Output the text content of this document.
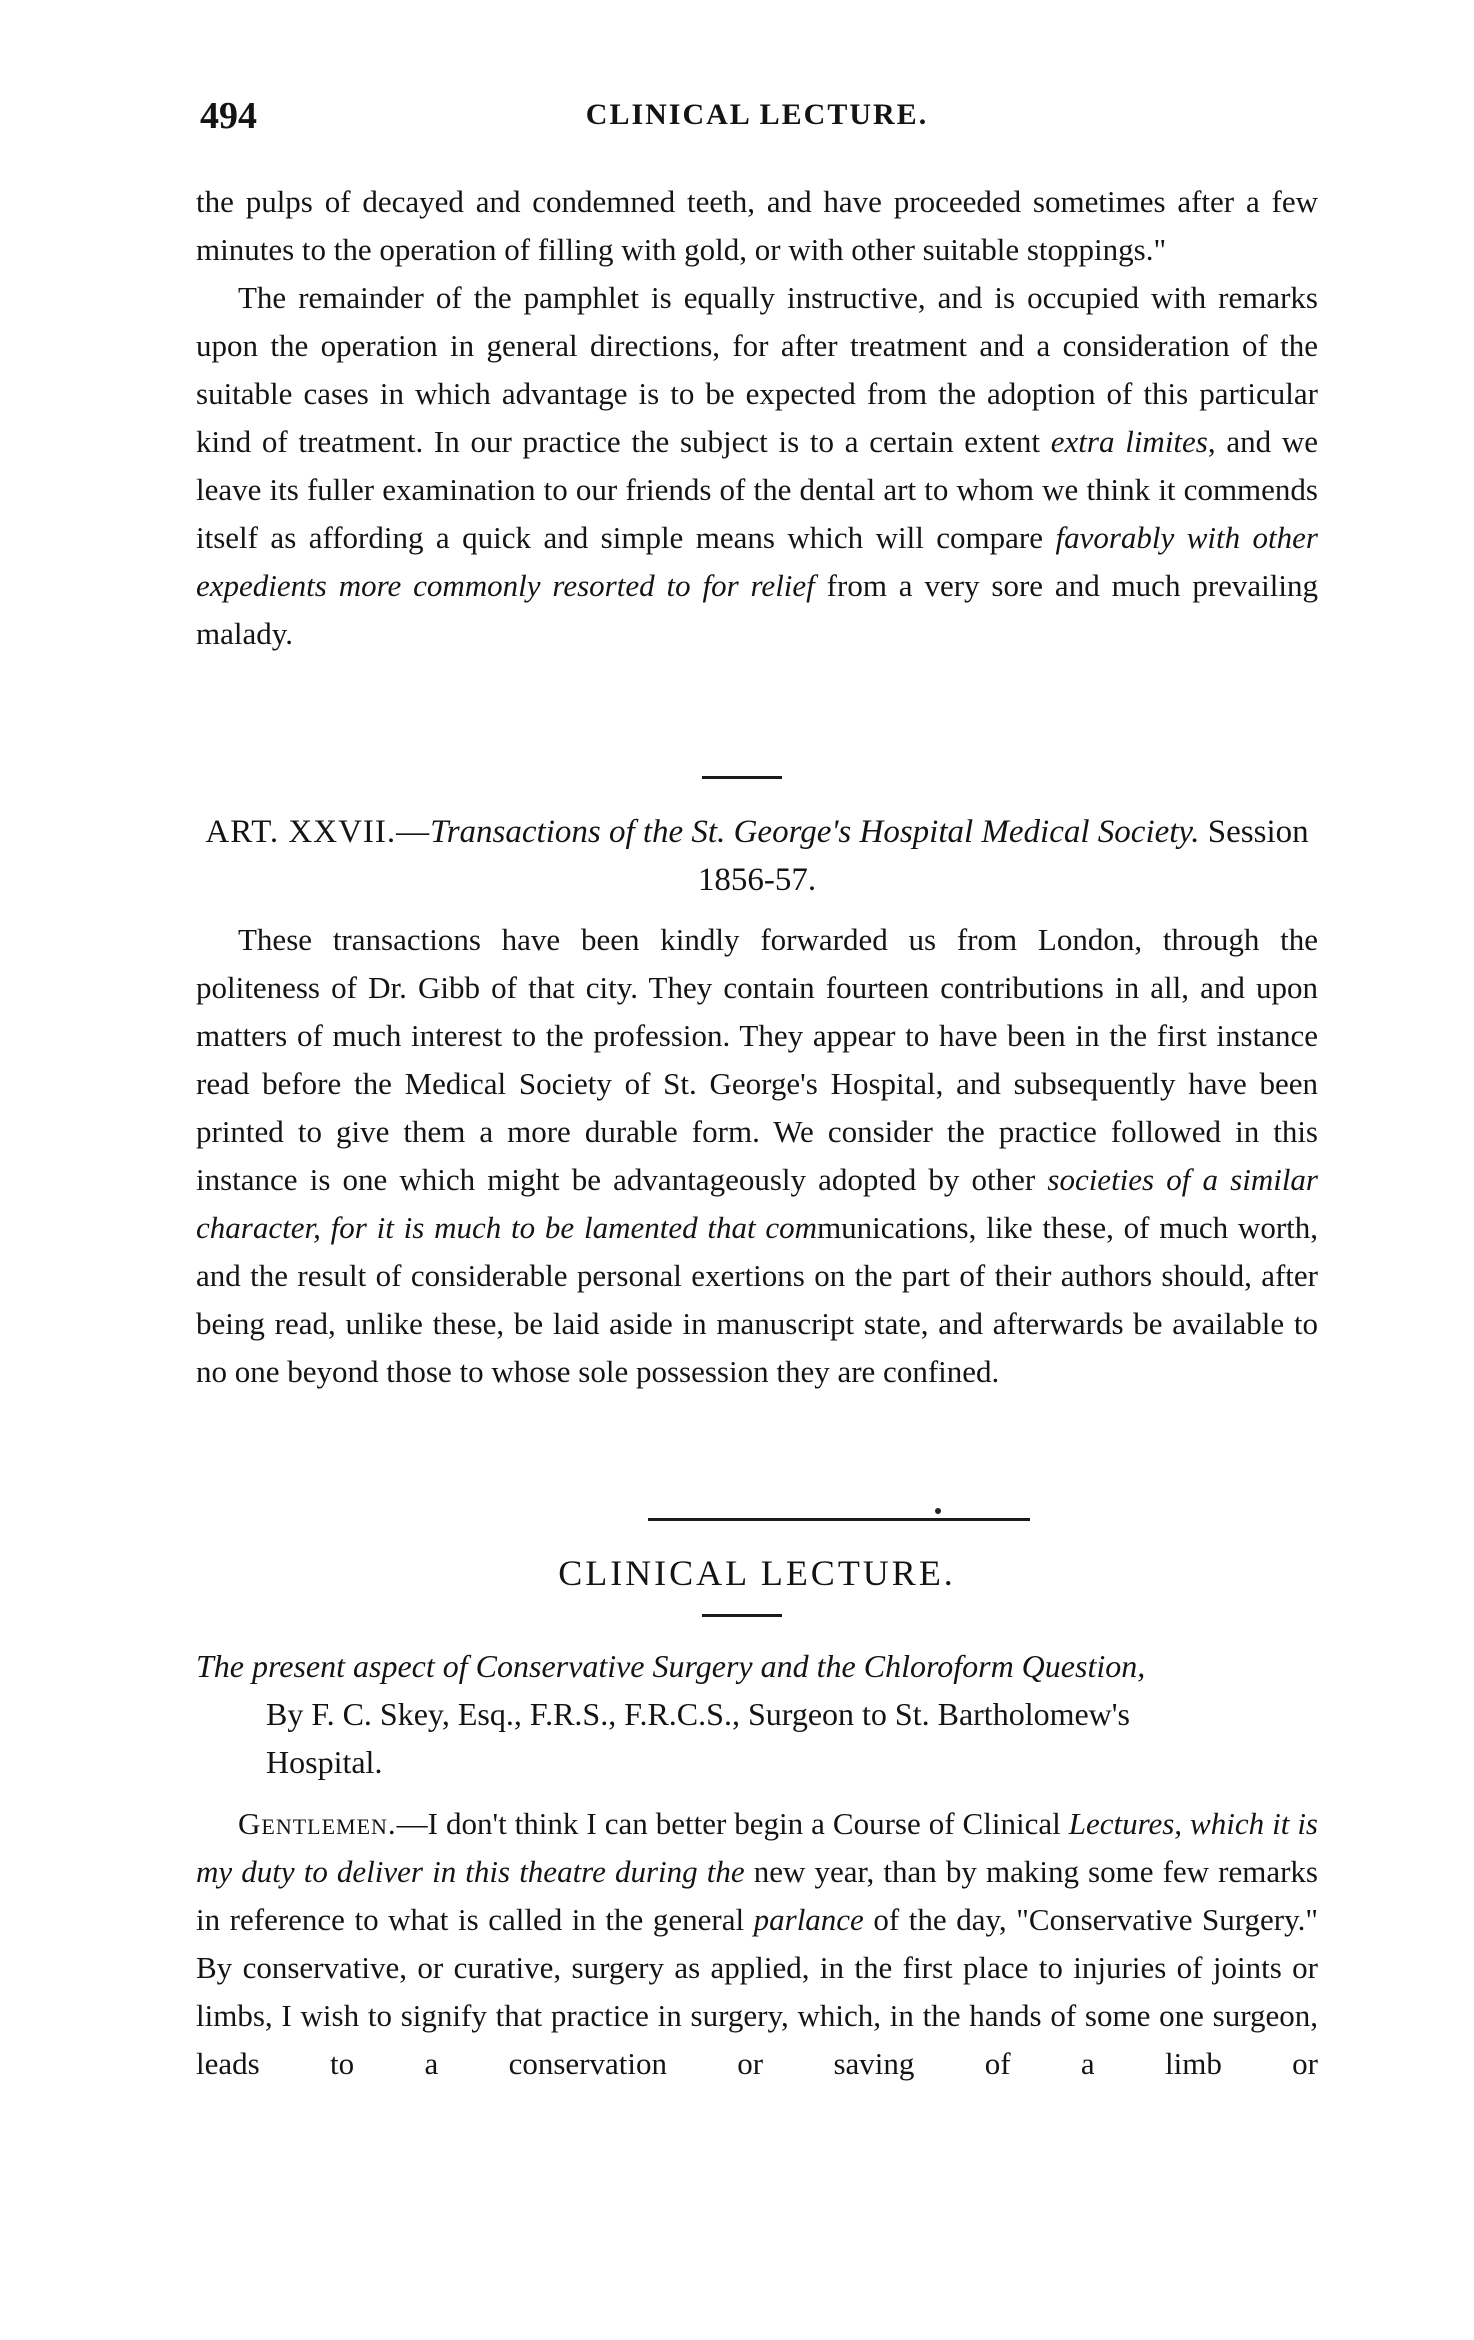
494	CLINICAL LECTURE.

the pulps of decayed and condemned teeth, and have proceeded sometimes after a few minutes to the operation of filling with gold, or with other suitable stoppings."

The remainder of the pamphlet is equally instructive, and is occupied with remarks upon the operation in general directions, for after treatment and a consideration of the suitable cases in which advantage is to be expected from the adoption of this particular kind of treatment. In our practice the subject is to a certain extent extra limites, and we leave its fuller examination to our friends of the dental art to whom we think it commends itself as affording a quick and simple means which will compare favorably with other expedients more commonly resorted to for relief from a very sore and much prevailing malady.

ART. XXVII.—Transactions of the St. George's Hospital Medical Society. Session 1856-57.

These transactions have been kindly forwarded us from London, through the politeness of Dr. Gibb of that city. They contain fourteen contributions in all, and upon matters of much interest to the profession. They appear to have been in the first instance read before the Medical Society of St. George's Hospital, and subsequently have been printed to give them a more durable form. We consider the practice followed in this instance is one which might be advantageously adopted by other societies of a similar character, for it is much to be lamented that communications, like these, of much worth, and the result of considerable personal exertions on the part of their authors should, after being read, unlike these, be laid aside in manuscript state, and afterwards be available to no one beyond those to whose sole possession they are confined.

CLINICAL LECTURE.
The present aspect of Conservative Surgery and the Chloroform Question,
By F. C. Skey, Esq., F.R.S., F.R.C.S., Surgeon to St. Bartholomew's
Hospital.

Gentlemen.—I don't think I can better begin a Course of Clinical Lectures, which it is my duty to deliver in this theatre during the new year, than by making some few remarks in reference to what is called in the general parlance of the day, "Conservative Surgery." By conservative, or curative, surgery as applied, in the first place to injuries of joints or limbs, I wish to signify that practice in surgery, which, in the hands of some one surgeon, leads to a conservation or saving of a limb or
